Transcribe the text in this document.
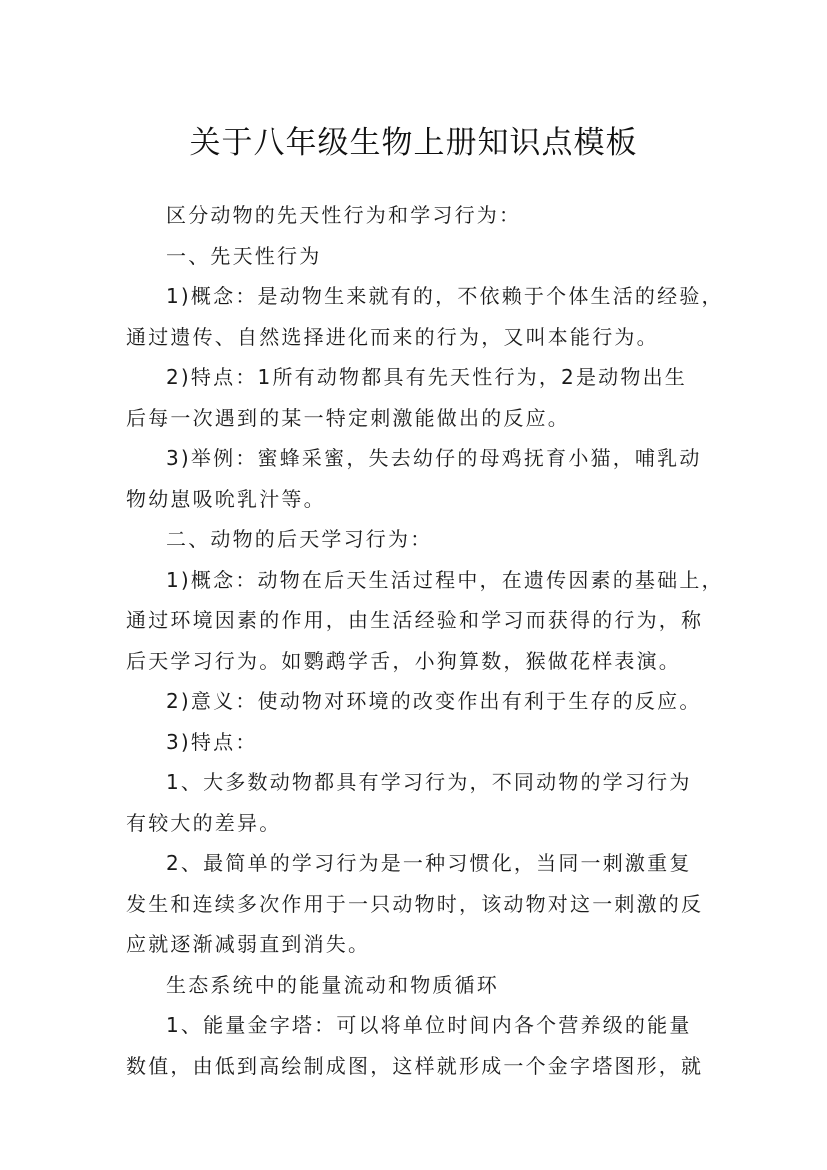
关于八年级生物上册知识点模板

区分动物的先天性行为和学习行为：

一、先天性行为

1)概念：是动物生来就有的，不依赖于个体生活的经验，

通过遗传、自然选择进化而来的行为，又叫本能行为。

2)特点：1所有动物都具有先天性行为，2是动物出生

后每一次遇到的某一特定刺激能做出的反应。

3)举例：蜜蜂采蜜，失去幼仔的母鸡抚育小猫，哺乳动

物幼崽吸吮乳汁等。

二、动物的后天学习行为：

1)概念：动物在后天生活过程中，在遗传因素的基础上，

通过环境因素的作用，由生活经验和学习而获得的行为，称

后天学习行为。如鹦鹉学舌，小狗算数，猴做花样表演。

2)意义：使动物对环境的改变作出有利于生存的反应。

3)特点：

1、大多数动物都具有学习行为，不同动物的学习行为

有较大的差异。

2、最简单的学习行为是一种习惯化，当同一刺激重复

发生和连续多次作用于一只动物时，该动物对这一刺激的反

应就逐渐减弱直到消失。

生态系统中的能量流动和物质循环

1、能量金字塔：可以将单位时间内各个营养级的能量

数值，由低到高绘制成图，这样就形成一个金字塔图形，就
